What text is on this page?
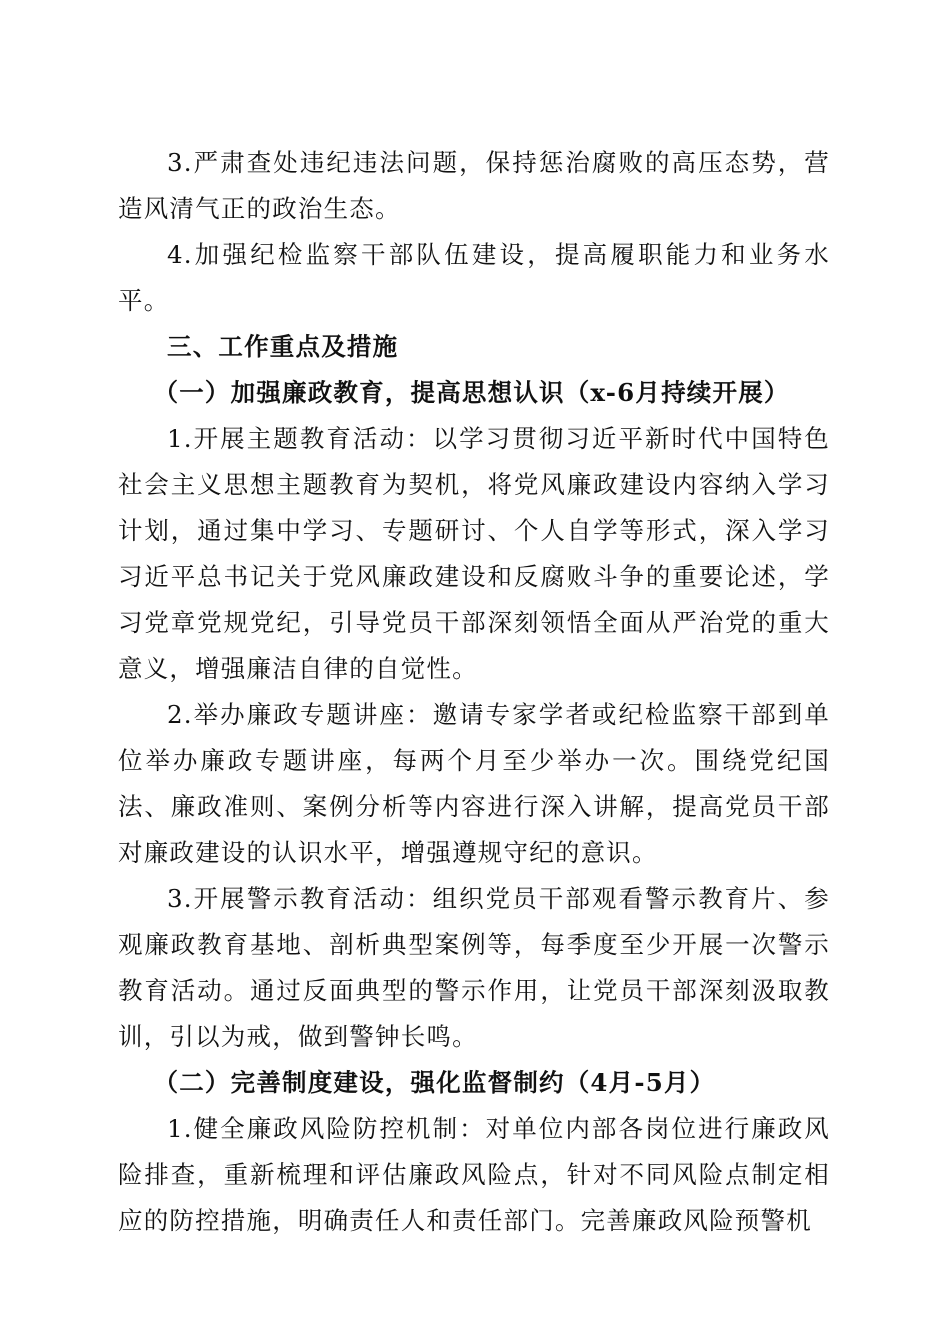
3.严肃查处违纪违法问题，保持惩治腐败的高压态势，营造风清气正的政治生态。

4.加强纪检监察干部队伍建设，提高履职能力和业务水平。

三、工作重点及措施

（一）加强廉政教育，提高思想认识（x-6月持续开展）

1.开展主题教育活动：以学习贯彻习近平新时代中国特色社会主义思想主题教育为契机，将党风廉政建设内容纳入学习计划，通过集中学习、专题研讨、个人自学等形式，深入学习习近平总书记关于党风廉政建设和反腐败斗争的重要论述，学习党章党规党纪，引导党员干部深刻领悟全面从严治党的重大意义，增强廉洁自律的自觉性。

2.举办廉政专题讲座：邀请专家学者或纪检监察干部到单位举办廉政专题讲座，每两个月至少举办一次。围绕党纪国法、廉政准则、案例分析等内容进行深入讲解，提高党员干部对廉政建设的认识水平，增强遵规守纪的意识。

3.开展警示教育活动：组织党员干部观看警示教育片、参观廉政教育基地、剖析典型案例等，每季度至少开展一次警示教育活动。通过反面典型的警示作用，让党员干部深刻汲取教训，引以为戒，做到警钟长鸣。

（二）完善制度建设，强化监督制约（4月-5月）

1.健全廉政风险防控机制：对单位内部各岗位进行廉政风险排查，重新梳理和评估廉政风险点，针对不同风险点制定相应的防控措施，明确责任人和责任部门。完善廉政风险预警机
